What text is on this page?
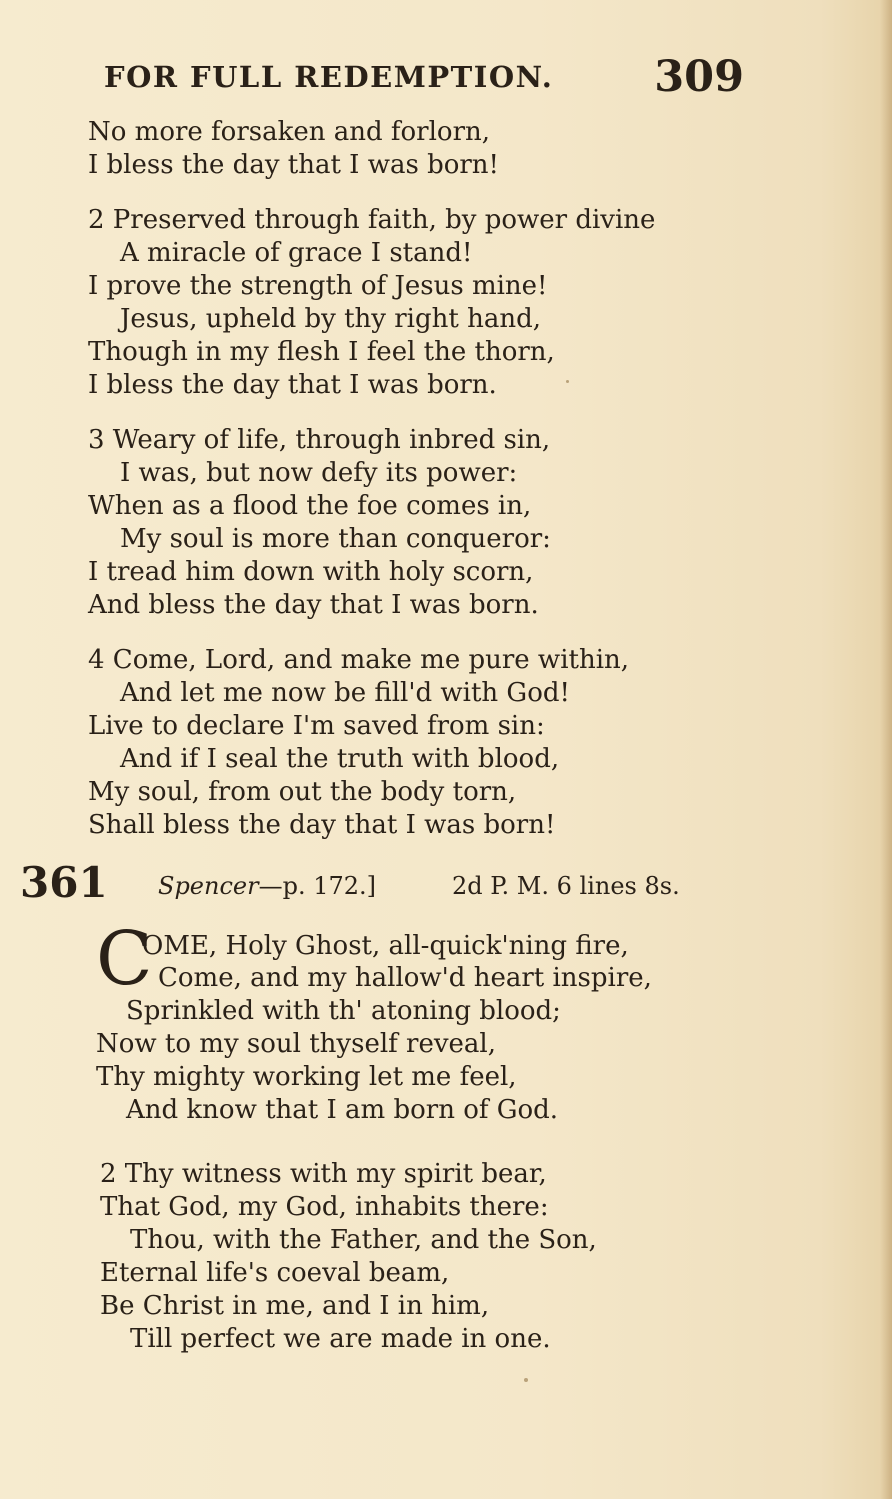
FOR FULL REDEMPTION. 309
No more forsaken and forlorn,
I bless the day that I was born!
2 Preserved through faith, by power divine
A miracle of grace I stand!
I prove the strength of Jesus mine!
Jesus, upheld by thy right hand,
Though in my flesh I feel the thorn,
I bless the day that I was born.
3 Weary of life, through inbred sin,
I was, but now defy its power:
When as a flood the foe comes in,
My soul is more than conqueror:
I tread him down with holy scorn,
And bless the day that I was born.
4 Come, Lord, and make me pure within,
And let me now be fill'd with God!
Live to declare I'm saved from sin:
And if I seal the truth with blood,
My soul, from out the body torn,
Shall bless the day that I was born!
361 Spencer—p. 172.]	2d P. M. 6 lines 8s.
C
OME, Holy Ghost, all-quick'ning fire,
Come, and my hallow'd heart inspire,
Sprinkled with th' atoning blood;
Now to my soul thyself reveal,
Thy mighty working let me feel,
And know that I am born of God.
2 Thy witness with my spirit bear,
That God, my God, inhabits there:
Thou, with the Father, and the Son,
Eternal life's coeval beam,
Be Christ in me, and I in him,
Till perfect we are made in one.
